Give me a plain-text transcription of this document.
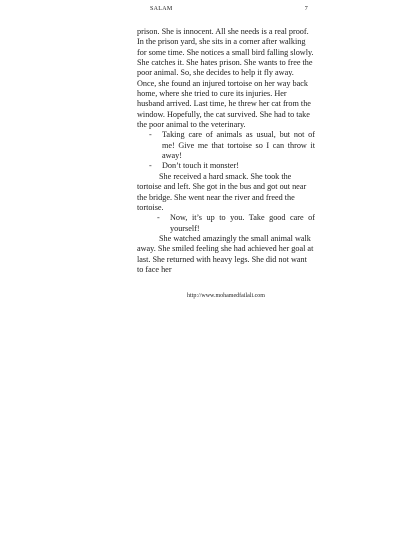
SALAM	7

prison. She is innocent. All she needs is a real proof.

In the prison yard, she sits in a corner after walking for some time. She notices a small bird falling slowly. She catches it. She hates prison. She wants to free the poor animal. So, she decides to help it fly away.

Once, she found an injured tortoise on her way back home, where she tried to cure its injuries. Her husband arrived. Last time, he threw her cat from the window. Hopefully, the cat survived. She had to take the poor animal to the veterinary.

-	Taking care of animals as usual, but not of me! Give me that tortoise so I can throw it away!
-	Don’t touch it monster!

She received a hard smack. She took the tortoise and left. She got in the bus and got out near the bridge. She went near the river and freed the tortoise.

-	Now, it’s up to you. Take good care of yourself!

She watched amazingly the small animal walk away. She smiled feeling she had achieved her goal at last. She returned with heavy legs. She did not want to face her

http://www.mohamedfailali.com
